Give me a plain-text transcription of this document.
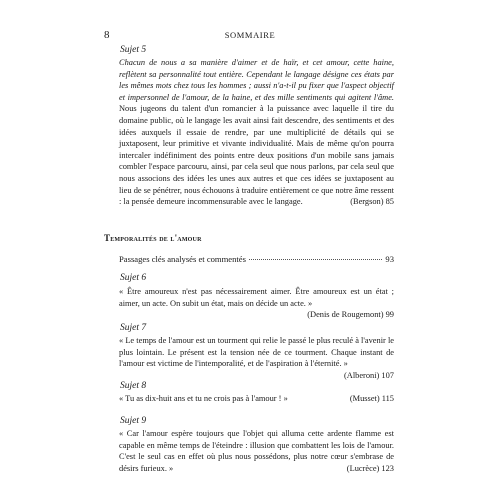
8	SOMMAIRE
Sujet 5

Chacun de nous a sa manière d'aimer et de haïr, et cet amour, cette haine, reflètent sa personnalité tout entière. Cependant le langage désigne ces états par les mêmes mots chez tous les hommes ; aussi n'a-t-il pu fixer que l'aspect objectif et impersonnel de l'amour, de la haine, et des mille sentiments qui agitent l'âme. Nous jugeons du talent d'un romancier à la puissance avec laquelle il tire du domaine public, où le langage les avait ainsi fait descendre, des sentiments et des idées auxquels il essaie de rendre, par une multiplicité de détails qui se juxtaposent, leur primitive et vivante individualité. Mais de même qu'on pourra intercaler indéfiniment des points entre deux positions d'un mobile sans jamais combler l'espace parcouru, ainsi, par cela seul que nous parlons, par cela seul que nous associons des idées les unes aux autres et que ces idées se juxtaposent au lieu de se pénétrer, nous échouons à traduire entièrement ce que notre âme ressent : la pensée demeure incommensurable avec le langage.	(Bergson) 85

Temporalités de l'amour
Passages clés analysés et commentés	93
Sujet 6

« Être amoureux n'est pas nécessairement aimer. Être amoureux est un état ; aimer, un acte. On subit un état, mais on décide un acte. »
(Denis de Rougemont) 99

Sujet 7

« Le temps de l'amour est un tourment qui relie le passé le plus reculé à l'avenir le plus lointain. Le présent est la tension née de ce tourment. Chaque instant de l'amour est victime de l'intemporalité, et de l'aspiration à l'éternité. »
(Alberoni) 107

Sujet 8

« Tu as dix-huit ans et tu ne crois pas à l'amour ! »	(Musset) 115

Sujet 9

« Car l'amour espère toujours que l'objet qui alluma cette ardente flamme est capable en même temps de l'éteindre : illusion que combattent les lois de l'amour. C'est le seul cas en effet où plus nous possédons, plus notre cœur s'embrase de désirs furieux. »	(Lucrèce) 123
